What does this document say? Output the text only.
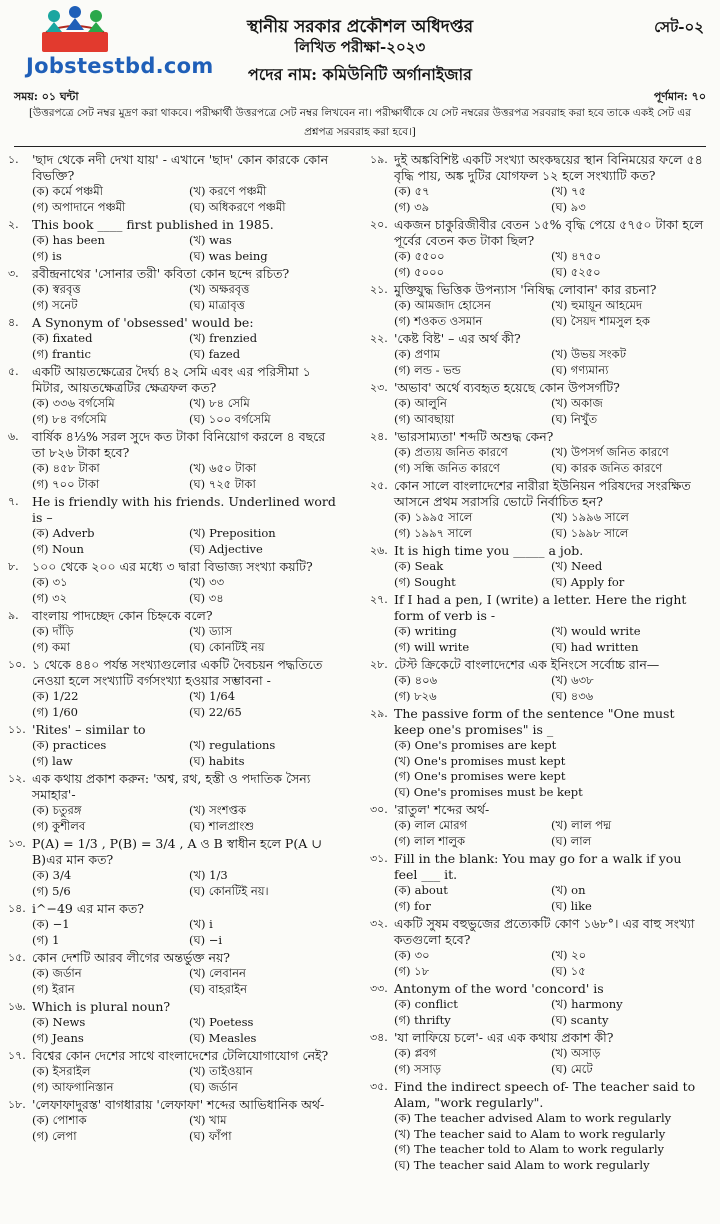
Jobstestbd.com
স্থানীয় সরকার প্রকৌশল অধিদপ্তর
লিখিত পরীক্ষা-২০২৩
পদের নাম: কমিউনিটি অর্গানাইজার
সেট-০২
সময়: ০১ ঘন্টা	পূর্ণমান: ৭০
[উত্তরপত্রে সেট নম্বর মুদ্রণ করা থাকবে। পরীক্ষার্থী উত্তরপত্রে সেট নম্বর লিখবেন না। পরীক্ষার্থীকে যে সেট নম্বরের উত্তরপত্র সরবরাহ করা হবে তাকে একই সেট এর প্রশ্নপত্র সরবরাহ করা হবে।]
১.	'ছাদ থেকে নদী দেখা যায়' - এখানে 'ছাদ' কোন কারকে কোন বিভক্তি?
(ক) কর্মে পঞ্চমী	(খ) করণে পঞ্চমী
(গ) অপাদানে পঞ্চমী	(ঘ) অধিকরণে পঞ্চমী
২.	This book ____ first published in 1985.
(ক) has been	(খ) was
(গ) is	(ঘ) was being
৩.	রবীন্দ্রনাথের 'সোনার তরী' কবিতা কোন ছন্দে রচিত?
(ক) স্বরবৃত্ত	(খ) অক্ষরবৃত্ত
(গ) সনেট	(ঘ) মাত্রাবৃত্ত
৪.	A Synonym of 'obsessed' would be:
(ক) fixated	(খ) frenzied
(গ) frantic	(ঘ) fazed
৫.	একটি আয়তক্ষেত্রের দৈর্ঘ্য ৪২ সেমি এবং এর পরিসীমা ১ মিটার, আয়তক্ষেত্রটির ক্ষেত্রফল কত?
(ক) ৩৩৬ বর্গসেমি	(খ) ৮৪ সেমি
(গ) ৮৪ বর্গসেমি	(ঘ) ১০০ বর্গসেমি
৬.	বার্ষিক ৪⅓% সরল সুদে কত টাকা বিনিয়োগ করলে ৪ বছরে তা ৮২৬ টাকা হবে?
(ক) ৪৫৮ টাকা	(খ) ৬৫০ টাকা
(গ) ৭০০ টাকা	(ঘ) ৭২৫ টাকা
৭.	He is friendly with his friends. Underlined word is –
(ক) Adverb	(খ) Preposition
(গ) Noun	(ঘ) Adjective
৮.	১০০ থেকে ২০০ এর মধ্যে ৩ দ্বারা বিভাজ্য সংখ্যা কয়টি?
(ক) ৩১	(খ) ৩৩
(গ) ৩২	(ঘ) ৩৪
৯.	বাংলায় পাদচ্ছেদ কোন চিহ্নকে বলে?
(ক) দাঁড়ি	(খ) ড্যাস
(গ) কমা	(ঘ) কোনটিই নয়
১০. ১ থেকে ৪৪০ পর্যন্ত সংখ্যাগুলোর একটি দৈবচয়ন পদ্ধতিতে নেওয়া হলে সংখ্যাটি বর্গসংখ্যা হওয়ার সম্ভাবনা -
(ক) 1/22	(খ) 1/64
(গ) 1/60	(ঘ) 22/65
১১. 'Rites' – similar to
(ক) practices	(খ) regulations
(গ) law	(ঘ) habits
১২. এক কথায় প্রকাশ করুন: 'অশ্ব, রথ, হস্তী ও পদাতিক সৈন্য সমাহার'-
(ক) চতুরঙ্গ	(খ) সংশপ্তক
(গ) কুশীলব	(ঘ) শালপ্রাংশু
১৩. P(A) = 1/3 , P(B) = 3/4 , A ও B স্বাধীন হলে P(A ∪ B)এর মান কত?
(ক) 3/4	(খ) 1/3
(গ) 5/6	(ঘ) কোনটিই নয়।
১৪. i^−49 এর মান কত?
(ক) −1	(খ) i
(গ) 1	(ঘ) −i
১৫. কোন দেশটি আরব লীগের অন্তর্ভুক্ত নয়?
(ক) জর্ডান	(খ) লেবানন
(গ) ইরান	(ঘ) বাহরাইন
১৬. Which is plural noun?
(ক) News	(খ) Poetess
(গ) Jeans	(ঘ) Measles
১৭. বিশ্বের কোন দেশের সাথে বাংলাদেশের টেলিযোগাযোগ নেই?
(ক) ইসরাইল	(খ) তাইওয়ান
(গ) আফগানিস্তান	(ঘ) জর্ডান
১৮. 'লেফাফাদুরস্ত' বাগধারায় 'লেফাফা' শব্দের আভিধানিক অর্থ-
(ক) পোশাক	(খ) খাম
(গ) লেপা	(ঘ) ফাঁপা
১৯. দুই অঙ্কবিশিষ্ট একটি সংখ্যা অংকদ্বয়ের স্থান বিনিময়ের ফলে ৫৪ বৃদ্ধি পায়, অঙ্ক দুটির যোগফল ১২ হলে সংখ্যাটি কত?
(ক) ৫৭	(খ) ৭৫
(গ) ৩৯	(ঘ) ৯৩
২০. একজন চাকুরিজীবীর বেতন ১৫% বৃদ্ধি পেয়ে ৫৭৫০ টাকা হলে পূর্বের বেতন কত টাকা ছিল?
(ক) ৫৫০০	(খ) ৪৭৫০
(গ) ৫০০০	(ঘ) ৫২৫০
২১. মুক্তিযুদ্ধ ভিত্তিক উপন্যাস 'নিষিদ্ধ লোবান' কার রচনা?
(ক) আমজাদ হোসেন	(খ) হুমায়ূন আহমেদ
(গ) শওকত ওসমান	(ঘ) সৈয়দ শামসুল হক
২২. 'কেষ্ট বিষ্ট' – এর অর্থ কী?
(ক) প্রণাম	(খ) উভয় সংকট
(গ) লন্ড - ভন্ড	(ঘ) গণ্যমান্য
২৩. 'অভাব' অর্থে ব্যবহৃত হয়েছে কোন উপসর্গটি?
(ক) আলুনি	(খ) অকাজ
(গ) আবছায়া	(ঘ) নিখুঁত
২৪. 'ভারসাম্যতা' শব্দটি অশুদ্ধ কেন?
(ক) প্রত্যয় জনিত কারণে	(খ) উপসর্গ জনিত কারণে
(গ) সন্ধি জনিত কারণে	(ঘ) কারক জনিত কারণে
২৫. কোন সালে বাংলাদেশের নারীরা ইউনিয়ন পরিষদের সংরক্ষিত আসনে প্রথম সরাসরি ভোটে নির্বাচিত হন?
(ক) ১৯৯৫ সালে	(খ) ১৯৯৬ সালে
(গ) ১৯৯৭ সালে	(ঘ) ১৯৯৮ সালে
২৬. It is high time you _____ a job.
(ক) Seak	(খ) Need
(গ) Sought	(ঘ) Apply for
২৭. If I had a pen, I (write) a letter. Here the right form of verb is -
(ক) writing	(খ) would write
(গ) will write	(ঘ) had written
২৮. টেস্ট ক্রিকেটে বাংলাদেশের এক ইনিংসে সর্বোচ্চ রান—
(ক) ৪০৬	(খ) ৬৩৮
(গ) ৮২৬	(ঘ) ৪৩৬
২৯. The passive form of the sentence "One must keep one's promises" is _
(ক) One's promises are kept
(খ) One's promises must kept
(গ) One's promises were kept
(ঘ) One's promises must be kept
৩০. 'রাতুল' শব্দের অর্থ-
(ক) লাল মোরগ	(খ) লাল পদ্ম
(গ) লাল শালুক	(ঘ) লাল
৩১. Fill in the blank: You may go for a walk if you feel ___ it.
(ক) about	(খ) on
(গ) for	(ঘ) like
৩২. একটি সুষম বহুভুজের প্রত্যেকটি কোণ ১৬৮°। এর বাহু সংখ্যা কতগুলো হবে?
(ক) ৩০	(খ) ২০
(গ) ১৮	(ঘ) ১৫
৩৩. Antonym of the word 'concord' is
(ক) conflict	(খ) harmony
(গ) thrifty	(ঘ) scanty
৩৪. 'যা লাফিয়ে চলে'- এর এক কথায় প্রকাশ কী?
(ক) প্লবগ	(খ) অসাড়
(গ) সসাড়	(ঘ) মেটে
৩৫. Find the indirect speech of- The teacher said to Alam, "work regularly".
(ক) The teacher advised Alam to work regularly
(খ) The teacher said to Alam to work regularly
(গ) The teacher told to Alam to work regularly
(ঘ) The teacher said Alam to work regularly
